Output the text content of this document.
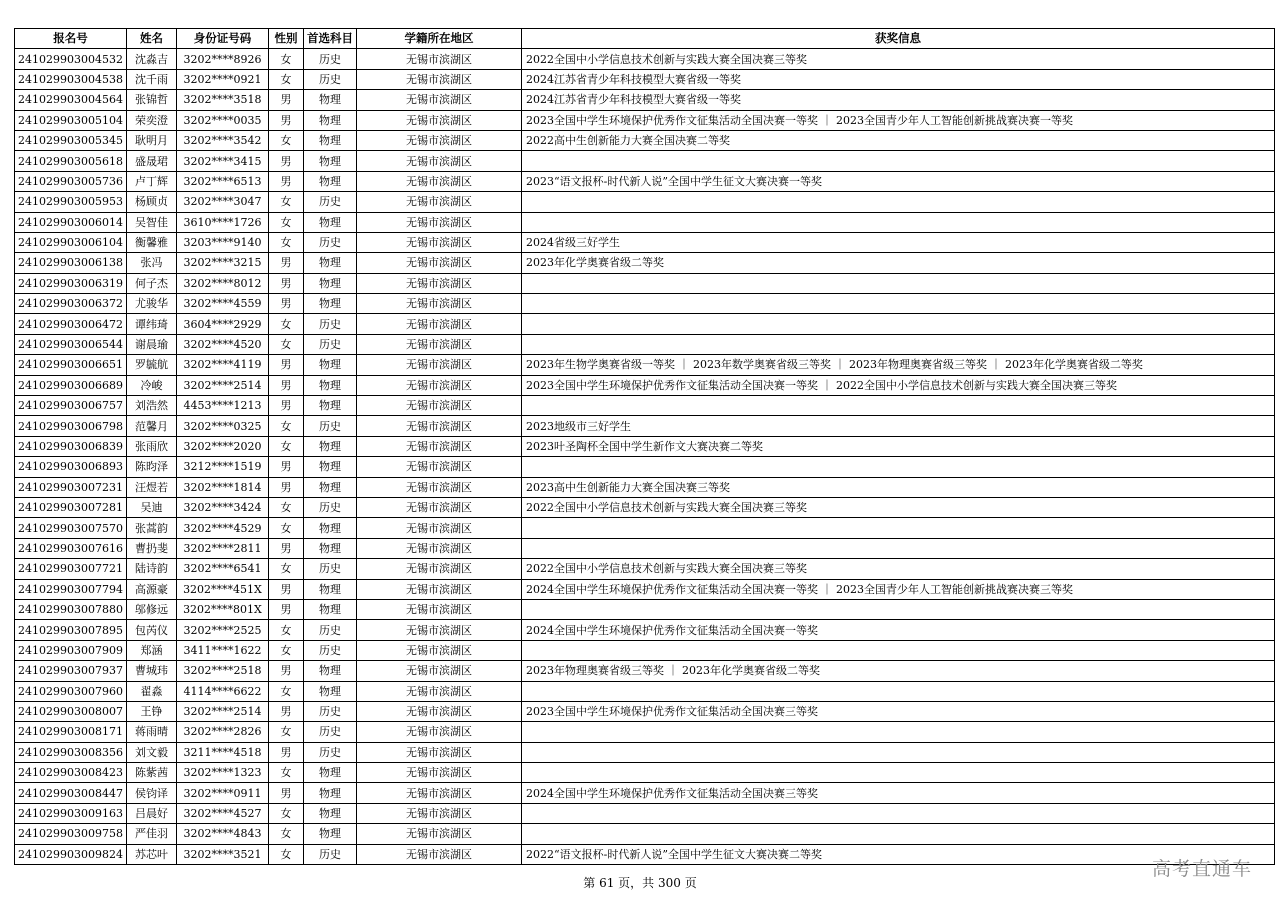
报名号	姓名	身份证号码	性别	首选科目	学籍所在地区	获奖信息
241029903004532	沈淼吉	3202****8926	女	历史	无锡市滨湖区	2022全国中小学信息技术创新与实践大赛全国决赛三等奖
241029903004538	沈千雨	3202****0921	女	历史	无锡市滨湖区	2024江苏省青少年科技模型大赛省级一等奖
241029903004564	张锦哲	3202****3518	男	物理	无锡市滨湖区	2024江苏省青少年科技模型大赛省级一等奖
241029903005104	荣奕澄	3202****0035	男	物理	无锡市滨湖区	2023全国中学生环境保护优秀作文征集活动全国决赛一等奖 ｜ 2023全国青少年人工智能创新挑战赛决赛一等奖
241029903005345	耿明月	3202****3542	女	物理	无锡市滨湖区	2022高中生创新能力大赛全国决赛二等奖
241029903005618	盛晟珺	3202****3415	男	物理	无锡市滨湖区	
241029903005736	卢丁辉	3202****6513	男	物理	无锡市滨湖区	2023“语文报杯-时代新人说”全国中学生征文大赛决赛一等奖
241029903005953	杨顾贞	3202****3047	女	历史	无锡市滨湖区	
241029903006014	吴智佳	3610****1726	女	物理	无锡市滨湖区	
241029903006104	衡馨雅	3203****9140	女	历史	无锡市滨湖区	2024省级三好学生
241029903006138	张冯	3202****3215	男	物理	无锡市滨湖区	2023年化学奥赛省级二等奖
241029903006319	何子杰	3202****8012	男	物理	无锡市滨湖区	
241029903006372	尤骏华	3202****4559	男	物理	无锡市滨湖区	
241029903006472	谭纬琦	3604****2929	女	历史	无锡市滨湖区	
241029903006544	谢晨瑜	3202****4520	女	历史	无锡市滨湖区	
241029903006651	罗毓航	3202****4119	男	物理	无锡市滨湖区	2023年生物学奥赛省级一等奖 ｜ 2023年数学奥赛省级三等奖 ｜ 2023年物理奥赛省级三等奖 ｜ 2023年化学奥赛省级二等奖
241029903006689	冷峻	3202****2514	男	物理	无锡市滨湖区	2023全国中学生环境保护优秀作文征集活动全国决赛一等奖 ｜ 2022全国中小学信息技术创新与实践大赛全国决赛三等奖
241029903006757	刘浩然	4453****1213	男	物理	无锡市滨湖区	
241029903006798	范馨月	3202****0325	女	历史	无锡市滨湖区	2023地级市三好学生
241029903006839	张雨欣	3202****2020	女	物理	无锡市滨湖区	2023叶圣陶杯全国中学生新作文大赛决赛二等奖
241029903006893	陈昀泽	3212****1519	男	物理	无锡市滨湖区	
241029903007231	汪煜若	3202****1814	男	物理	无锡市滨湖区	2023高中生创新能力大赛全国决赛三等奖
241029903007281	吴迪	3202****3424	女	历史	无锡市滨湖区	2022全国中小学信息技术创新与实践大赛全国决赛三等奖
241029903007570	张蒿韵	3202****4529	女	物理	无锡市滨湖区	
241029903007616	曹扔斐	3202****2811	男	物理	无锡市滨湖区	
241029903007721	陆诗韵	3202****6541	女	历史	无锡市滨湖区	2022全国中小学信息技术创新与实践大赛全国决赛三等奖
241029903007794	高源豪	3202****451X	男	物理	无锡市滨湖区	2024全国中学生环境保护优秀作文征集活动全国决赛一等奖 ｜ 2023全国青少年人工智能创新挑战赛决赛三等奖
241029903007880	邬修远	3202****801X	男	物理	无锡市滨湖区	
241029903007895	包芮仪	3202****2525	女	历史	无锡市滨湖区	2024全国中学生环境保护优秀作文征集活动全国决赛一等奖
241029903007909	郑涵	3411****1622	女	历史	无锡市滨湖区	
241029903007937	曹城玮	3202****2518	男	物理	无锡市滨湖区	2023年物理奥赛省级三等奖 ｜ 2023年化学奥赛省级二等奖
241029903007960	翟淼	4114****6622	女	物理	无锡市滨湖区	
241029903008007	王铮	3202****2514	男	历史	无锡市滨湖区	2023全国中学生环境保护优秀作文征集活动全国决赛三等奖
241029903008171	蒋雨晴	3202****2826	女	历史	无锡市滨湖区	
241029903008356	刘文毅	3211****4518	男	历史	无锡市滨湖区	
241029903008423	陈紫茜	3202****1323	女	物理	无锡市滨湖区	
241029903008447	侯钧译	3202****0911	男	物理	无锡市滨湖区	2024全国中学生环境保护优秀作文征集活动全国决赛三等奖
241029903009163	吕晨好	3202****4527	女	物理	无锡市滨湖区	
241029903009758	严佳羽	3202****4843	女	物理	无锡市滨湖区	
241029903009824	苏芯叶	3202****3521	女	历史	无锡市滨湖区	2022“语文报杯-时代新人说”全国中学生征文大赛决赛二等奖
第 61 页，共 300 页
高考直通车
